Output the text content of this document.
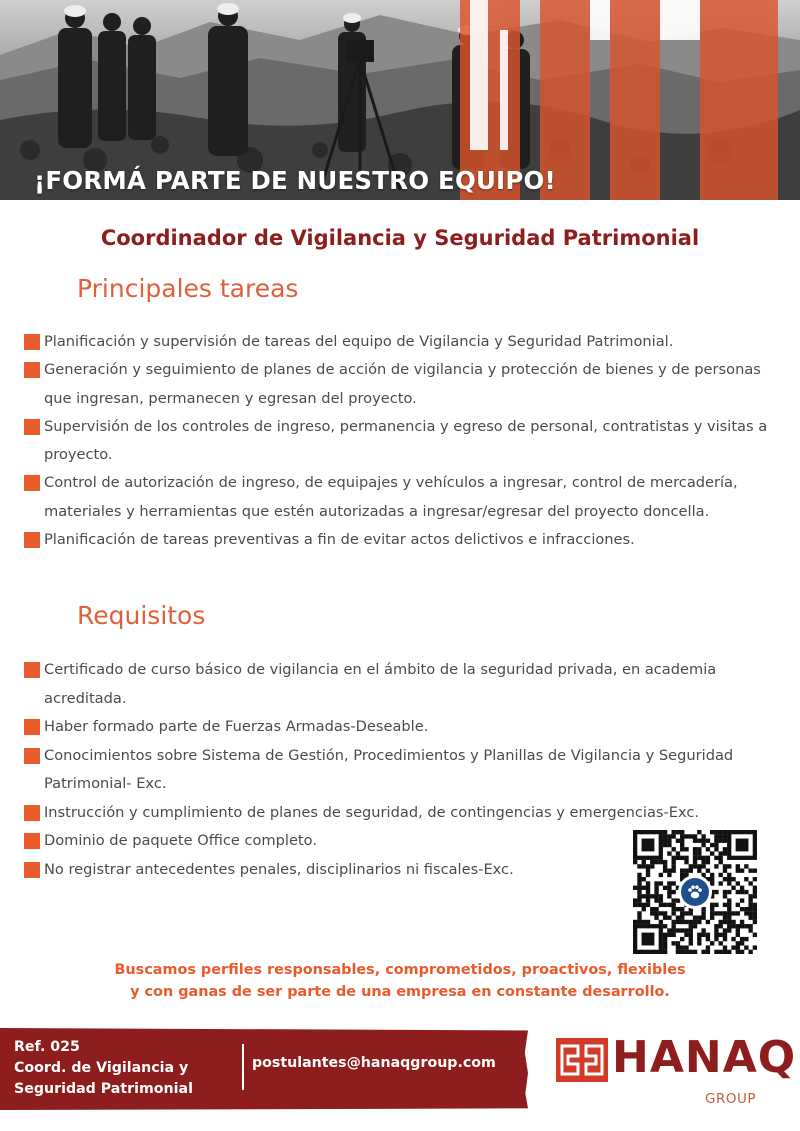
¡FORMÁ PARTE DE NUESTRO EQUIPO!
Coordinador de Vigilancia y Seguridad Patrimonial
Principales tareas
Planificación y supervisión de tareas del equipo de Vigilancia y Seguridad Patrimonial.
Generación y seguimiento de planes de acción de vigilancia y protección de bienes y de personas que ingresan, permanecen y egresan del proyecto.
Supervisión de los controles de ingreso, permanencia y egreso de personal, contratistas y visitas a proyecto.
Control de autorización de ingreso, de equipajes y vehículos a ingresar, control de mercadería, materiales y herramientas que estén autorizadas a ingresar/egresar del proyecto doncella.
Planificación de tareas preventivas a fin de evitar actos delictivos e infracciones.
Requisitos
Certificado de curso básico de vigilancia en el ámbito de la seguridad privada, en academia acreditada.
Haber formado parte de Fuerzas Armadas-Deseable.
Conocimientos sobre Sistema de Gestión, Procedimientos y Planillas de Vigilancia y Seguridad Patrimonial- Exc.
Instrucción y cumplimiento de planes de seguridad, de contingencias y emergencias-Exc.
Dominio de paquete Office completo.
No registrar antecedentes penales, disciplinarios ni fiscales-Exc.
Buscamos perfiles responsables, comprometidos, proactivos, flexibles
y con ganas de ser parte de una empresa en constante desarrollo.
Ref. 025
Coord. de Vigilancia y
Seguridad Patrimonial
postulantes@hanaqgroup.com	HANAQ
GROUP
